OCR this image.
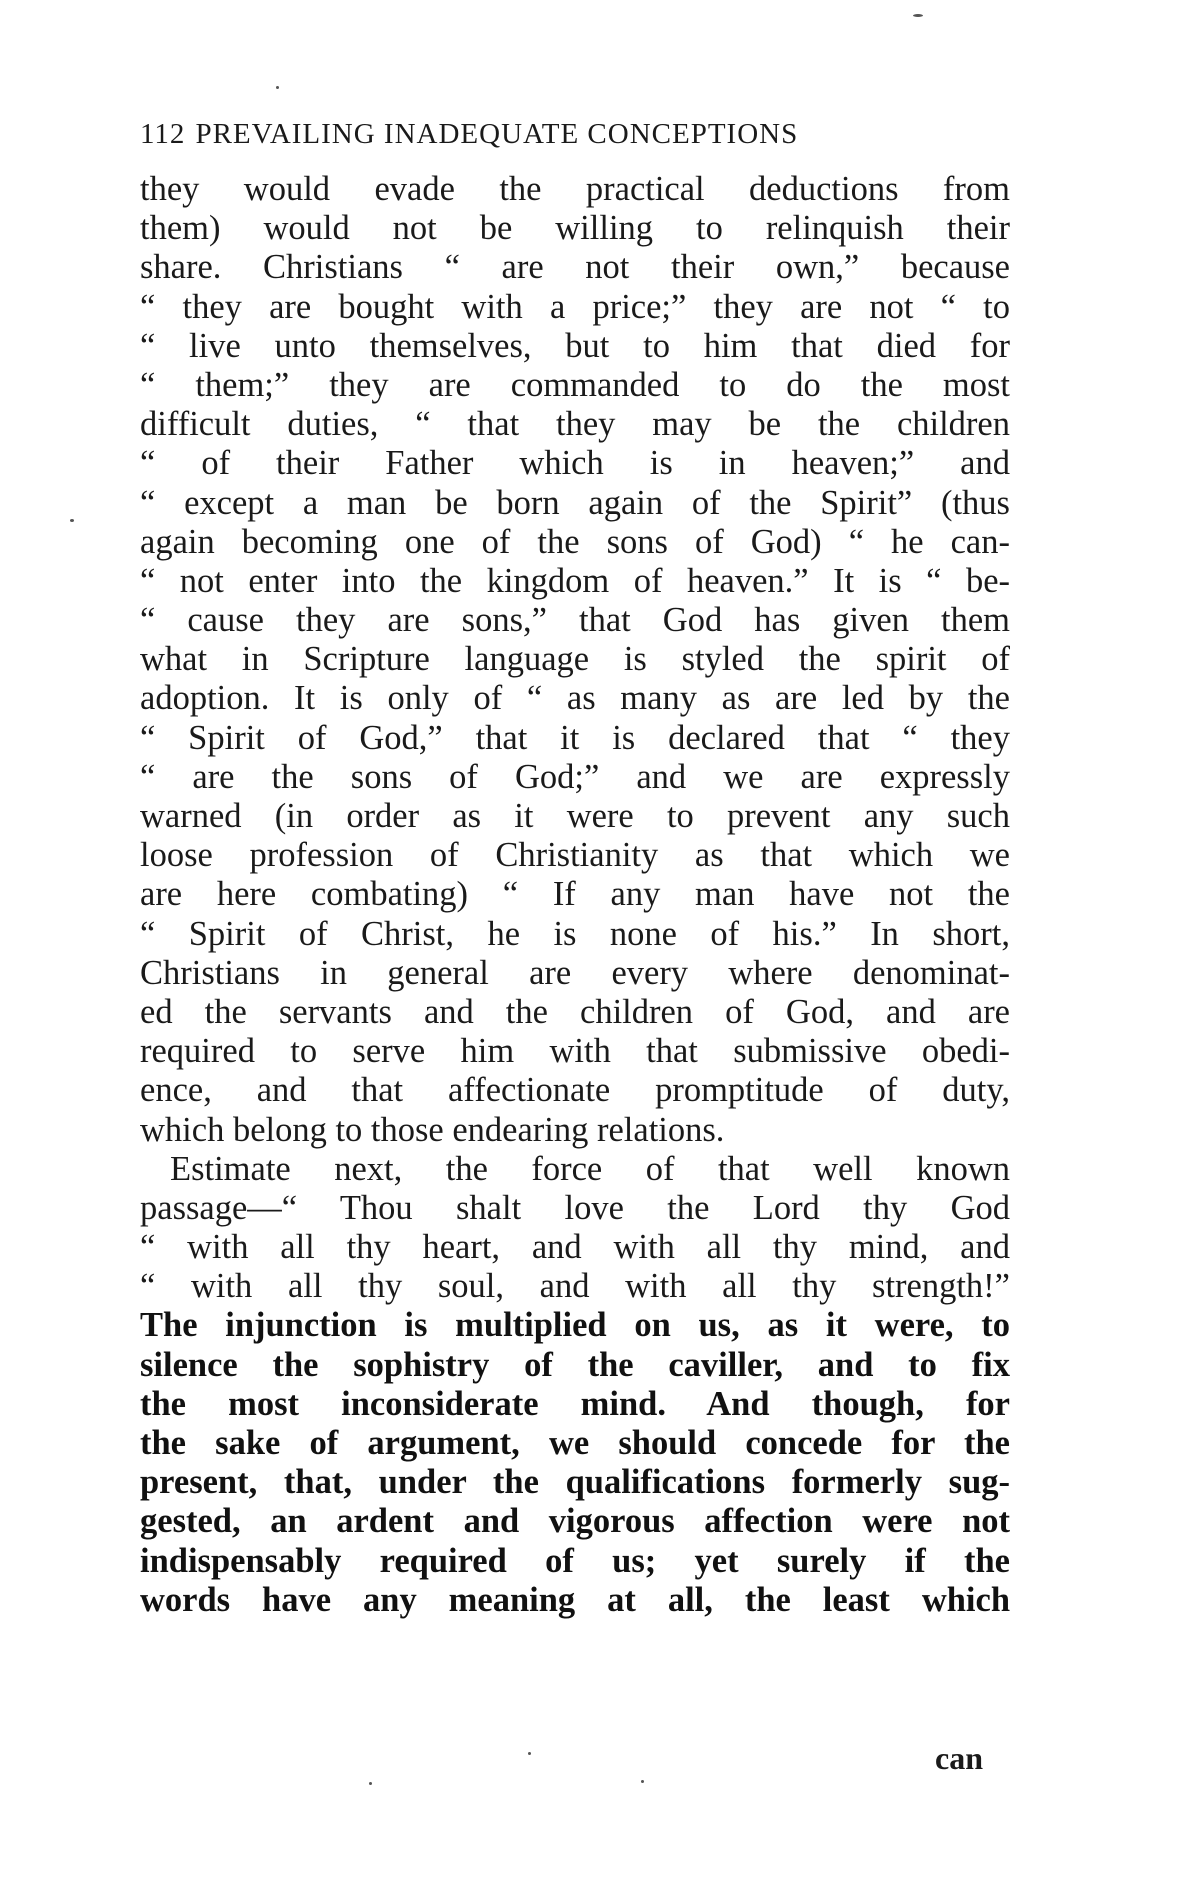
112 PREVAILING INADEQUATE CONCEPTIONS
they would evade the practical deductions from
them) would not be willing to relinquish their
share. Christians “ are not their own,” because
“ they are bought with a price;” they are not “ to
“ live unto themselves, but to him that died for
“ them;” they are commanded to do the most
difficult duties, “ that they may be the children
“ of their Father which is in heaven;” and
“ except a man be born again of the Spirit” (thus
again becoming one of the sons of God) “ he can-
“ not enter into the kingdom of heaven.” It is “ be-
“ cause they are sons,” that God has given them
what in Scripture language is styled the spirit of
adoption. It is only of “ as many as are led by the
“ Spirit of God,” that it is declared that “ they
“ are the sons of God;” and we are expressly
warned (in order as it were to prevent any such
loose profession of Christianity as that which we
are here combating) “ If any man have not the
“ Spirit of Christ, he is none of his.” In short,
Christians in general are every where denominat-
ed the servants and the children of God, and are
required to serve him with that submissive obedi-
ence, and that affectionate promptitude of duty,
which belong to those endearing relations.
Estimate next, the force of that well known
passage—“ Thou shalt love the Lord thy God
“ with all thy heart, and with all thy mind, and
“ with all thy soul, and with all thy strength!”
The injunction is multiplied on us, as it were, to
silence the sophistry of the caviller, and to fix
the most inconsiderate mind. And though, for
the sake of argument, we should concede for the
present, that, under the qualifications formerly sug-
gested, an ardent and vigorous affection were not
indispensably required of us; yet surely if the
words have any meaning at all, the least which
can
